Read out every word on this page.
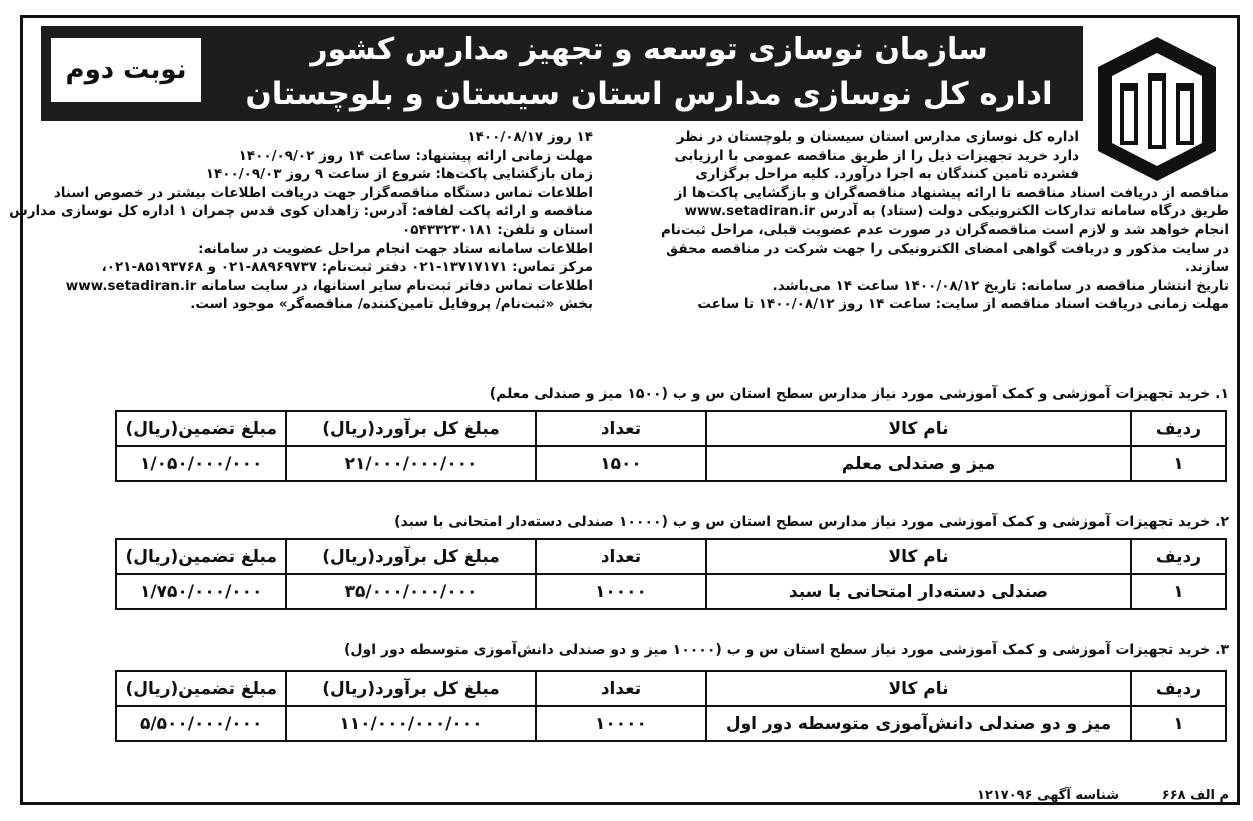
سازمان نوسازی توسعه و تجهیز مدارس کشور
اداره کل نوسازی مدارس استان سیستان و بلوچستان
نوبت دوم
اداره کل نوسازی مدارس استان سیستان و بلوچستان در نظر
دارد خرید تجهیزات ذیل را از طریق مناقصه عمومی با ارزیابی
فشرده تامین کنندگان به اجرا درآورد. کلیه مراحل برگزاری
مناقصه از دریافت اسناد مناقصه تا ارائه پیشنهاد مناقصه‌گران و بازگشایی پاکت‌ها از
طریق درگاه سامانه تدارکات الکترونیکی دولت (ستاد) به آدرس www.setadiran.ir
انجام خواهد شد و لازم است مناقصه‌گران در صورت عدم عضویت قبلی، مراحل ثبت‌نام
در سایت مذکور و دریافت گواهی امضای الکترونیکی را جهت شرکت در مناقصه محقق
سازند.
تاریخ انتشار مناقصه در سامانه: تاریخ ۱۴۰۰/۰۸/۱۲ ساعت ۱۴ می‌باشد.
مهلت زمانی دریافت اسناد مناقصه از سایت: ساعت ۱۴ روز ۱۴۰۰/۰۸/۱۲ تا ساعت
۱۴ روز ۱۴۰۰/۰۸/۱۷
مهلت زمانی ارائه پیشنهاد: ساعت ۱۴ روز ۱۴۰۰/۰۹/۰۲
زمان بازگشایی پاکت‌ها: شروع از ساعت ۹ روز ۱۴۰۰/۰۹/۰۳
اطلاعات تماس دستگاه مناقصه‌گزار جهت دریافت اطلاعات بیشتر در خصوص اسناد
مناقصه و ارائه پاکت لفافه: آدرس: زاهدان کوی قدس چمران ۱ اداره کل نوسازی مدارس
استان و تلفن: ۰۵۴۳۳۲۳۰۱۸۱
اطلاعات سامانه ستاد جهت انجام مراحل عضویت در سامانه:
مرکز تماس: ۱۳۷۱۷۱۷۱-۰۲۱ دفتر ثبت‌نام: ۸۸۹۶۹۷۳۷-۰۲۱ و ۸۵۱۹۳۷۶۸-۰۲۱،
اطلاعات تماس دفاتر ثبت‌نام سایر استانها، در سایت سامانه www.setadiran.ir
بخش «ثبت‌نام/ پروفایل تامین‌کننده/ مناقصه‌گر» موجود است.
۱. خرید تجهیزات آموزشی و کمک آموزشی مورد نیاز مدارس سطح استان س و ب (۱۵۰۰ میز و صندلی معلم)
ردیف	نام کالا	تعداد	مبلغ کل برآورد(ریال)	مبلغ تضمین(ریال)
۱	میز و صندلی معلم	۱۵۰۰	۲۱/۰۰۰/۰۰۰/۰۰۰	۱/۰۵۰/۰۰۰/۰۰۰
۲. خرید تجهیزات آموزشی و کمک آموزشی مورد نیاز مدارس سطح استان س و ب (۱۰۰۰۰ صندلی دسته‌دار امتحانی با سبد)
ردیف	نام کالا	تعداد	مبلغ کل برآورد(ریال)	مبلغ تضمین(ریال)
۱	صندلی دسته‌دار امتحانی با سبد	۱۰۰۰۰	۳۵/۰۰۰/۰۰۰/۰۰۰	۱/۷۵۰/۰۰۰/۰۰۰
۳. خرید تجهیزات آموزشی و کمک آموزشی مورد نیاز سطح استان س و ب (۱۰۰۰۰ میز و دو صندلی دانش‌آموزی متوسطه دور اول)
ردیف	نام کالا	تعداد	مبلغ کل برآورد(ریال)	مبلغ تضمین(ریال)
۱	میز و دو صندلی دانش‌آموزی متوسطه دور اول	۱۰۰۰۰	۱۱۰/۰۰۰/۰۰۰/۰۰۰	۵/۵۰۰/۰۰۰/۰۰۰
م الف ۶۶۸
شناسه آگهی ۱۲۱۷۰۹۶
